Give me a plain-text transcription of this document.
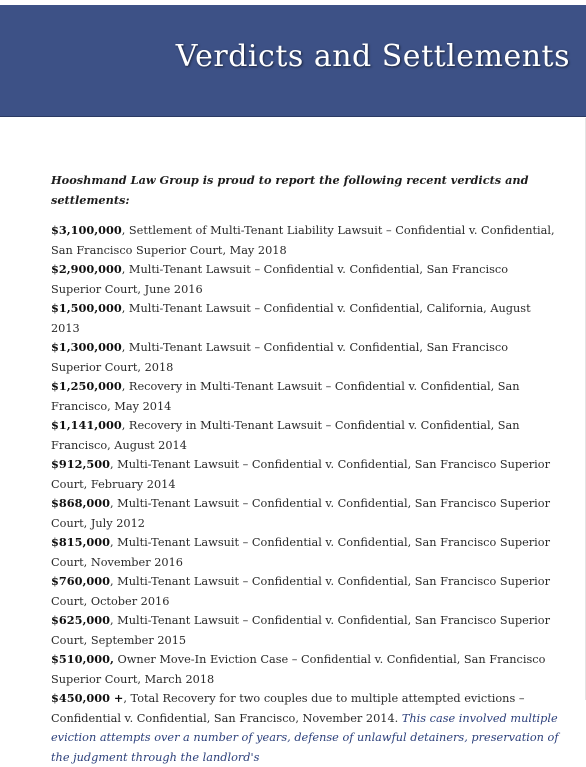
Verdicts and Settlements

Hooshmand Law Group is proud to report the following recent verdicts and settlements:

$3,100,000, Settlement of Multi-Tenant Liability Lawsuit – Confidential v. Confidential, San Francisco Superior Court, May 2018

$2,900,000, Multi-Tenant Lawsuit – Confidential v. Confidential, San Francisco Superior Court, June 2016

$1,500,000, Multi-Tenant Lawsuit – Confidential v. Confidential, California, August 2013

$1,300,000, Multi-Tenant Lawsuit – Confidential v. Confidential, San Francisco Superior Court, 2018

$1,250,000, Recovery in Multi-Tenant Lawsuit – Confidential v. Confidential, San Francisco, May 2014

$1,141,000, Recovery in Multi-Tenant Lawsuit – Confidential v. Confidential, San Francisco, August 2014

$912,500, Multi-Tenant Lawsuit – Confidential v. Confidential, San Francisco Superior Court, February 2014

$868,000, Multi-Tenant Lawsuit – Confidential v. Confidential, San Francisco Superior Court, July 2012

$815,000, Multi-Tenant Lawsuit – Confidential v. Confidential, San Francisco Superior Court, November 2016

$760,000, Multi-Tenant Lawsuit – Confidential v. Confidential, San Francisco Superior Court, October 2016

$625,000, Multi-Tenant Lawsuit – Confidential v. Confidential, San Francisco Superior Court, September 2015

$510,000, Owner Move-In Eviction Case – Confidential v. Confidential, San Francisco Superior Court, March 2018

$450,000 +, Total Recovery for two couples due to multiple attempted evictions – Confidential v. Confidential, San Francisco, November 2014. This case involved multiple eviction attempts over a number of years, defense of unlawful detainers, preservation of the judgment through the landlord's
